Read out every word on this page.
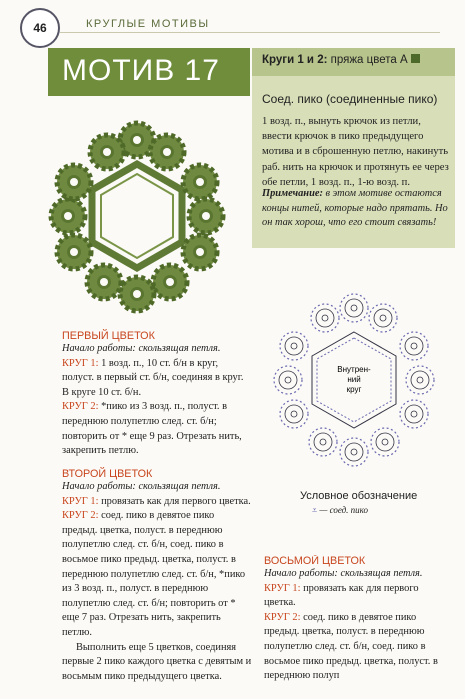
46	КРУГЛЫЕ МОТИВЫ
МОТИВ 17	Круги 1 и 2: пряжа цвета A
Соед. пико (соединенные пико)
1 возд. п., вынуть крючок из петли, ввести крючок в пико предыдущего мотива и в сброшенную петлю, накинуть раб. нить на крючок и протянуть ее через обе петли, 1 возд. п., 1-ю возд. п.
Примечание: в этом мотиве остаются концы нитей, которые надо прятать. Но он так хорош, что его стоит связать!
Внутрен-
ний
круг
Условное обозначение
⩡ — соед. пико
ПЕРВЫЙ ЦВЕТОК

Начало работы: скользящая петля.

КРУГ 1: 1 возд. п., 10 ст. б/н в круг, полуст. в первый ст. б/н, соединяя в круг. В круге 10 ст. б/н.

КРУГ 2: *пико из 3 возд. п., полуст. в переднюю полупетлю след. ст. б/н; повторить от * еще 9 раз. Отрезать нить, закрепить петлю.

ВТОРОЙ ЦВЕТОК

Начало работы: скользящая петля.

КРУГ 1: провязать как для первого цветка.

КРУГ 2: соед. пико в девятое пико предыд. цветка, полуст. в переднюю полупетлю след. ст. б/н, соед. пико в восьмое пико предыд. цветка, полуст. в переднюю полупетлю след. ст. б/н, *пико из 3 возд. п., полуст. в переднюю полупетлю след. ст. б/н; повторить от * еще 7 раз. Отрезать нить, закрепить петлю.

Выполнить еще 5 цветков, соединяя первые 2 пико каждого цветка с девятым и восьмым пико предыдущего цветка.

ВОСЬМОЙ ЦВЕТОК

Начало работы: скользящая петля.

КРУГ 1: провязать как для первого цветка.

КРУГ 2: соед. пико в девятое пико предыд. цветка, полуст. в переднюю полупетлю след. ст. б/н, соед. пико в восьмое пико предыд. цветка, полуст. в переднюю полуп
